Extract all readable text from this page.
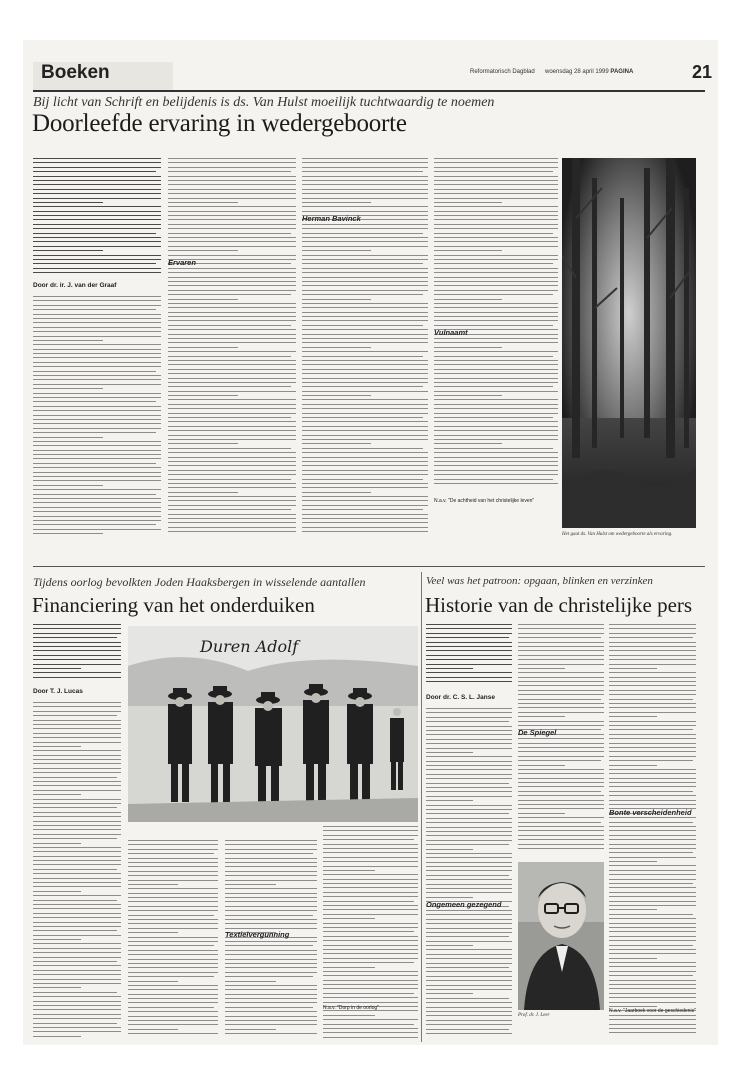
Boeken	Reformatorisch Dagblad woensdag 28 april 1999 PAGINA	21
Bij licht van Schrift en belijdenis is ds. Van Hulst moeilijk tuchtwaardig te noemen
Doorleefde ervaring in wedergeboorte
Door dr. ir. J. van der Graaf
Ervaren
Herman Bavinck
Vulnaamt
N.a.v. "De achtheid van het christelijke leven"
Het gaat ds. Van Hulst om wedergeboorte als ervaring.
Tijdens oorlog bevolkten Joden Haaksbergen in wisselende aantallen
Financiering van het onderduiken
Door T. J. Lucas
Duren Adolf
Textielvergunning
N.a.v. "Dorp in de oorlog"
Veel was het patroon: opgaan, blinken en verzinken
Historie van de christelijke pers
Door dr. C. S. L. Janse
De Spiegel
Ongemeen gezegend
Bonte verscheidenheid
Prof. dr. J. Leer
N.a.v. "Jaarboek voor de geschiedenis"
